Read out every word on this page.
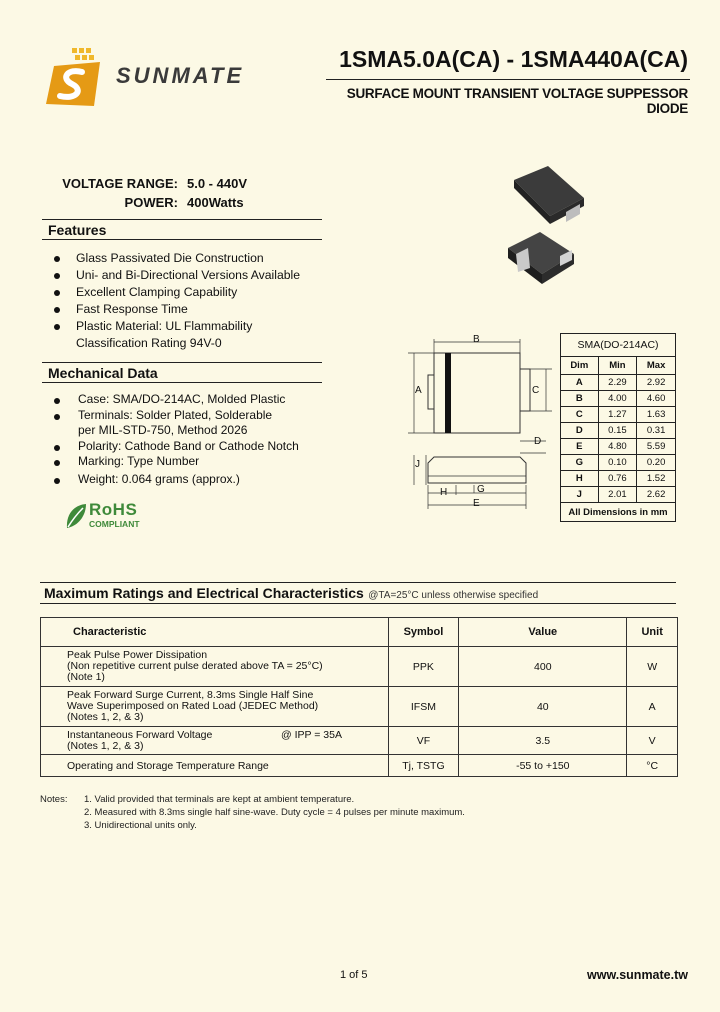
SUNMATE
1SMA5.0A(CA) - 1SMA440A(CA)
SURFACE MOUNT TRANSIENT VOLTAGE SUPPESSOR DIODE
VOLTAGE RANGE: 5.0 - 440V
POWER: 400Watts
Features
Glass Passivated Die Construction
Uni- and Bi-Directional Versions Available
Excellent Clamping Capability
Fast Response Time
Plastic Material: UL Flammability
Classification Rating 94V-0
Mechanical Data
Case: SMA/DO-214AC, Molded Plastic
Terminals: Solder Plated, Solderable
per MIL-STD-750, Method 2026
Polarity: Cathode Band or Cathode Notch
Marking: Type Number
Weight: 0.064 grams (approx.)
RoHS
COMPLIANT
B
A	C
D
J
H	G
E
SMA(DO-214AC)		
Dim	Min	Max
A	2.29	2.92
B	4.00	4.60
C	1.27	1.63
D	0.15	0.31
E	4.80	5.59
G	0.10	0.20
H	0.76	1.52
J	2.01	2.62
All Dimensions in mm		
Maximum Ratings and Electrical Characteristics @TA=25°C unless otherwise specified
Characteristic	Symbol	Value	Unit

Peak Pulse Power Dissipation
(Non repetitive current pulse derated above TA = 25°C)
(Note 1)	PPK	400	W

Peak Forward Surge Current, 8.3ms Single Half Sine
Wave Superimposed on Rated Load (JEDEC Method)
(Notes 1, 2, & 3)	IFSM	40	A

Instantaneous Forward Voltage @ IPP = 35A
(Notes 1, 2, & 3)	VF	3.5	V
Operating and Storage Temperature Range	Tj, TSTG	-55 to +150	°C
Notes: 1. Valid provided that terminals are kept at ambient temperature.
2. Measured with 8.3ms single half sine-wave. Duty cycle = 4 pulses per minute maximum.
3. Unidirectional units only.
1 of 5	www.sunmate.tw
